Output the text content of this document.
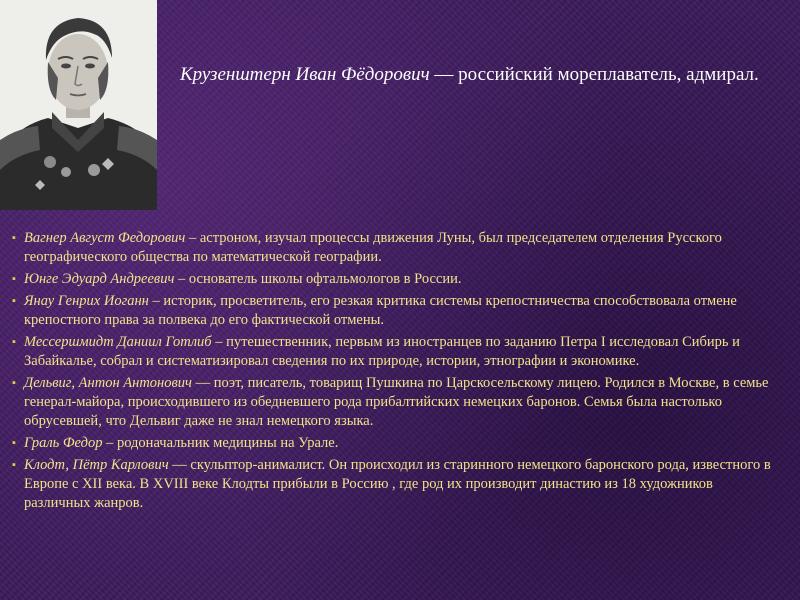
Крузенштерн Иван Фёдорович — российский мореплаватель, адмирал.
▪ Вагнер Август Федорович – астроном, изучал процессы движения Луны, был председателем отделения Русского географического общества по математической географии.
▪ Юнге Эдуард Андреевич – основатель школы офтальмологов в России.
▪ Янау Генрих Иоганн – историк, просветитель, его резкая критика системы крепостничества способствовала отмене крепостного права за полвека до его фактической отмены.
▪ Мессершмидт Даниил Готлиб – путешественник, первым из иностранцев по заданию Петра I исследовал Сибирь и Забайкалье, собрал и систематизировал сведения по их природе, истории, этнографии и экономике.
▪ Дельвиг, Антон Антонович — поэт, писатель, товарищ Пушкина по Царскосельскому лицею. Родился в Москве, в семье генерал-майора, происходившего из обедневшего рода прибалтийских немецких баронов. Семья была настолько обрусевшей, что Дельвиг даже не знал немецкого языка.
▪ Граль Федор – родоначальник медицины на Урале.
▪ Клодт, Пётр Карлович — скульптор-анималист. Он происходил из старинного немецкого баронского рода, известного в Европе с XII века. В XVIII веке Клодты прибыли в Россию , где род их производит династию из 18 художников различных жанров.
